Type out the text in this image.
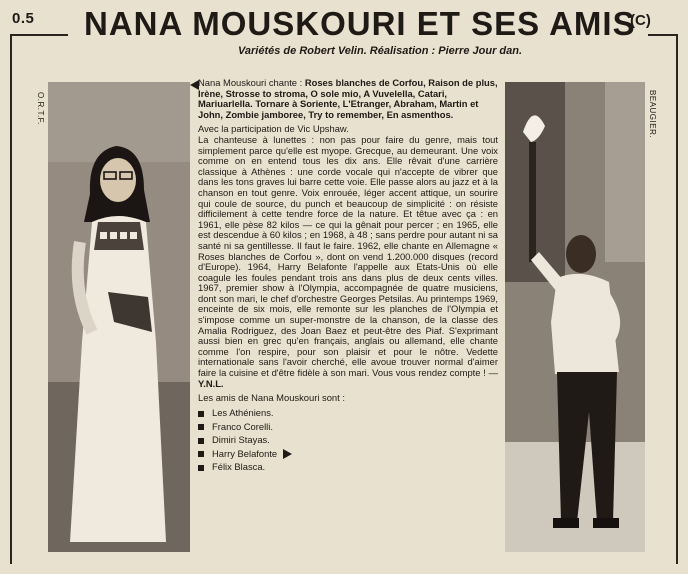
0.5 NANA MOUSKOURI ET SES AMIS
(C)
Variétés de Robert Velin. Réalisation : Pierre Jour dan.
O.R.T.F.	BEAUGIER.

Nana Mouskouri chante : Roses blanches de Corfou, Raison de plus, Irène, Strosse to stroma, O sole mio, A Vuvelella, Catari, Mariuarlella. Tornare à Soriente, L'Etranger, Abraham, Martin et John, Zombie jamboree, Try to remember, En asmenthos.

Avec la participation de Vic Upshaw.

La chanteuse à lunettes : non pas pour faire du genre, mais tout simplement parce qu'elle est myope. Grecque, au demeurant. Une voix comme on en entend tous les dix ans. Elle rêvait d'une carrière classique à Athènes : une corde vocale qui n'accepte de vibrer que dans les tons graves lui barre cette voie. Elle passe alors au jazz et à la chanson en tout genre. Voix enrouée, léger accent attique, un sourire qui coule de source, du punch et beaucoup de simplicité : on résiste difficilement à cette tendre force de la nature. Et têtue avec ça : en 1961, elle pèse 82 kilos — ce qui la gênait pour percer ; en 1965, elle est descendue à 60 kilos ; en 1968, à 48 ; sans perdre pour autant ni sa santé ni sa gentillesse. Il faut le faire. 1962, elle chante en Allemagne « Roses blanches de Corfou », dont on vend 1.200.000 disques (record d'Europe). 1964, Harry Belafonte l'appelle aux Etats-Unis où elle coagule les foules pendant trois ans dans plus de deux cents villes. 1967, premier show à l'Olympia, accompagnée de quatre musiciens, dont son mari, le chef d'orchestre Georges Petsilas. Au printemps 1969, enceinte de six mois, elle remonte sur les planches de l'Olympia et s'impose comme un super-monstre de la chanson, de la classe des Amalia Rodriguez, des Joan Baez et peut-être des Piaf. S'exprimant aussi bien en grec qu'en français, anglais ou allemand, elle chante comme l'on respire, pour son plaisir et pour le nôtre. Vedette internationale sans l'avoir cherché, elle avoue trouver normal d'aimer faire la cuisine et d'être fidèle à son mari. Vous vous rendez compte ! — Y.N.L.

Les amis de Nana Mouskouri sont :

Les Athéniens.
Franco Corelli.
Dimiri Stayas.
Harry Belafonte
Félix Blasca.
